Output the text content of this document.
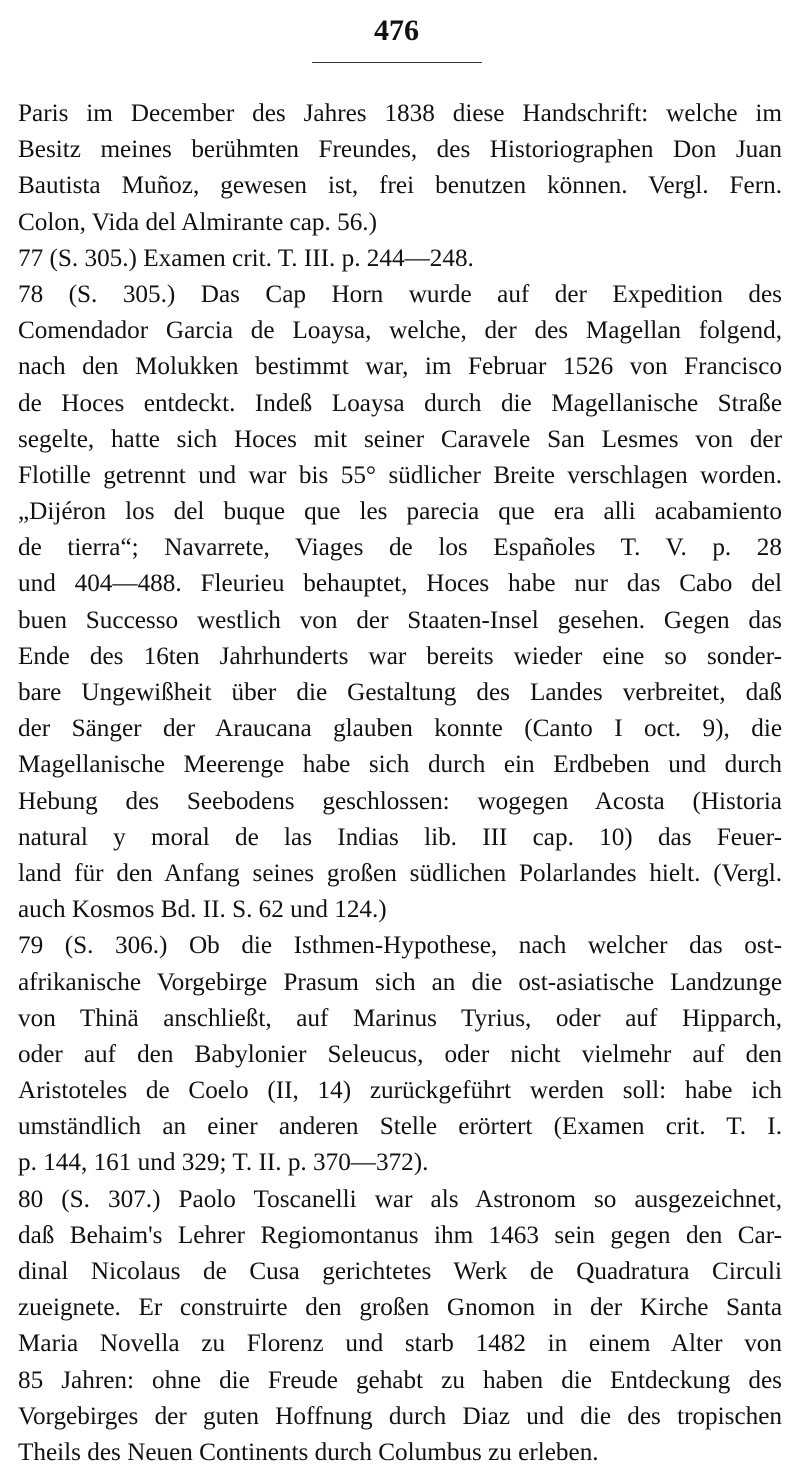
476
Paris im December des Jahres 1838 diese Handschrift: welche im
Besitz meines berühmten Freundes, des Historiographen Don Juan
Bautista Muñoz, gewesen ist, frei benutzen können. Vergl. Fern.
Colon, Vida del Almirante cap. 56.)
77 (S. 305.) Examen crit. T. III. p. 244—248.
78 (S. 305.) Das Cap Horn wurde auf der Expedition des
Comendador Garcia de Loaysa, welche, der des Magellan folgend,
nach den Molukken bestimmt war, im Februar 1526 von Francisco
de Hoces entdeckt. Indeß Loaysa durch die Magellanische Straße
segelte, hatte sich Hoces mit seiner Caravele San Lesmes von der
Flotille getrennt und war bis 55° südlicher Breite verschlagen worden.
„Dijéron los del buque que les parecia que era alli acabamiento
de tierra“; Navarrete, Viages de los Españoles T. V. p. 28
und 404—488. Fleurieu behauptet, Hoces habe nur das Cabo del
buen Successo westlich von der Staaten-Insel gesehen. Gegen das
Ende des 16ten Jahrhunderts war bereits wieder eine so sonder-
bare Ungewißheit über die Gestaltung des Landes verbreitet, daß
der Sänger der Araucana glauben konnte (Canto I oct. 9), die
Magellanische Meerenge habe sich durch ein Erdbeben und durch
Hebung des Seebodens geschlossen: wogegen Acosta (Historia
natural y moral de las Indias lib. III cap. 10) das Feuer-
land für den Anfang seines großen südlichen Polarlandes hielt. (Vergl.
auch Kosmos Bd. II. S. 62 und 124.)
79 (S. 306.) Ob die Isthmen-Hypothese, nach welcher das ost-
afrikanische Vorgebirge Prasum sich an die ost-asiatische Landzunge
von Thinä anschließt, auf Marinus Tyrius, oder auf Hipparch,
oder auf den Babylonier Seleucus, oder nicht vielmehr auf den
Aristoteles de Coelo (II, 14) zurückgeführt werden soll: habe ich
umständlich an einer anderen Stelle erörtert (Examen crit. T. I.
p. 144, 161 und 329; T. II. p. 370—372).
80 (S. 307.) Paolo Toscanelli war als Astronom so ausgezeichnet,
daß Behaim's Lehrer Regiomontanus ihm 1463 sein gegen den Car-
dinal Nicolaus de Cusa gerichtetes Werk de Quadratura Circuli
zueignete. Er construirte den großen Gnomon in der Kirche Santa
Maria Novella zu Florenz und starb 1482 in einem Alter von
85 Jahren: ohne die Freude gehabt zu haben die Entdeckung des
Vorgebirges der guten Hoffnung durch Diaz und die des tropischen
Theils des Neuen Continents durch Columbus zu erleben.
